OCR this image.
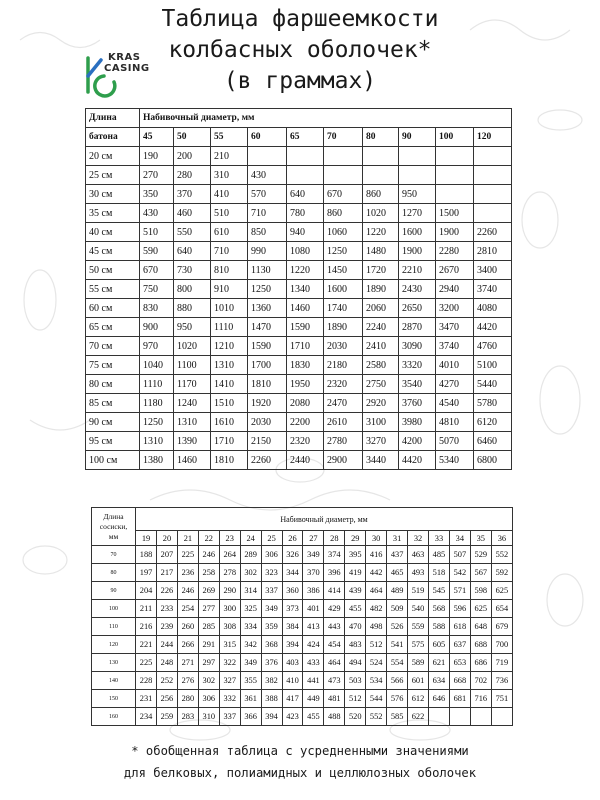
Таблица фаршеемкости
колбасных оболочек*
(в граммах)
KRAS
CASING
Длина	Набивочный диаметр, мм									
батона	45	50	55	60	65	70	80	90	100	120
20 см	190	200	210							
25 см	270	280	310	430						
30 см	350	370	410	570	640	670	860	950		
35 см	430	460	510	710	780	860	1020	1270	1500	
40 см	510	550	610	850	940	1060	1220	1600	1900	2260
45 см	590	640	710	990	1080	1250	1480	1900	2280	2810
50 см	670	730	810	1130	1220	1450	1720	2210	2670	3400
55 см	750	800	910	1250	1340	1600	1890	2430	2940	3740
60 см	830	880	1010	1360	1460	1740	2060	2650	3200	4080
65 см	900	950	1110	1470	1590	1890	2240	2870	3470	4420
70 см	970	1020	1210	1590	1710	2030	2410	3090	3740	4760
75 см	1040	1100	1310	1700	1830	2180	2580	3320	4010	5100
80 см	1110	1170	1410	1810	1950	2320	2750	3540	4270	5440
85 см	1180	1240	1510	1920	2080	2470	2920	3760	4540	5780
90 см	1250	1310	1610	2030	2200	2610	3100	3980	4810	6120
95 см	1310	1390	1710	2150	2320	2780	3270	4200	5070	6460
100 см	1380	1460	1810	2260	2440	2900	3440	4420	5340	6800
Длина
сосиски,
мм	Набивочный диаметр, мм																	
	19	20	21	22	23	24	25	26	27	28	29	30	31	32	33	34	35	36
70	188	207	225	246	264	289	306	326	349	374	395	416	437	463	485	507	529	552
80	197	217	236	258	278	302	323	344	370	396	419	442	465	493	518	542	567	592
90	204	226	246	269	290	314	337	360	386	414	439	464	489	519	545	571	598	625
100	211	233	254	277	300	325	349	373	401	429	455	482	509	540	568	596	625	654
110	216	239	260	285	308	334	359	384	413	443	470	498	526	559	588	618	648	679
120	221	244	266	291	315	342	368	394	424	454	483	512	541	575	605	637	688	700
130	225	248	271	297	322	349	376	403	433	464	494	524	554	589	621	653	686	719
140	228	252	276	302	327	355	382	410	441	473	503	534	566	601	634	668	702	736
150	231	256	280	306	332	361	388	417	449	481	512	544	576	612	646	681	716	751
160	234	259	283	310	337	366	394	423	455	488	520	552	585	622				
* обобщенная таблица с усредненными значениями
для белковых, полиамидных и целлюлозных оболочек
